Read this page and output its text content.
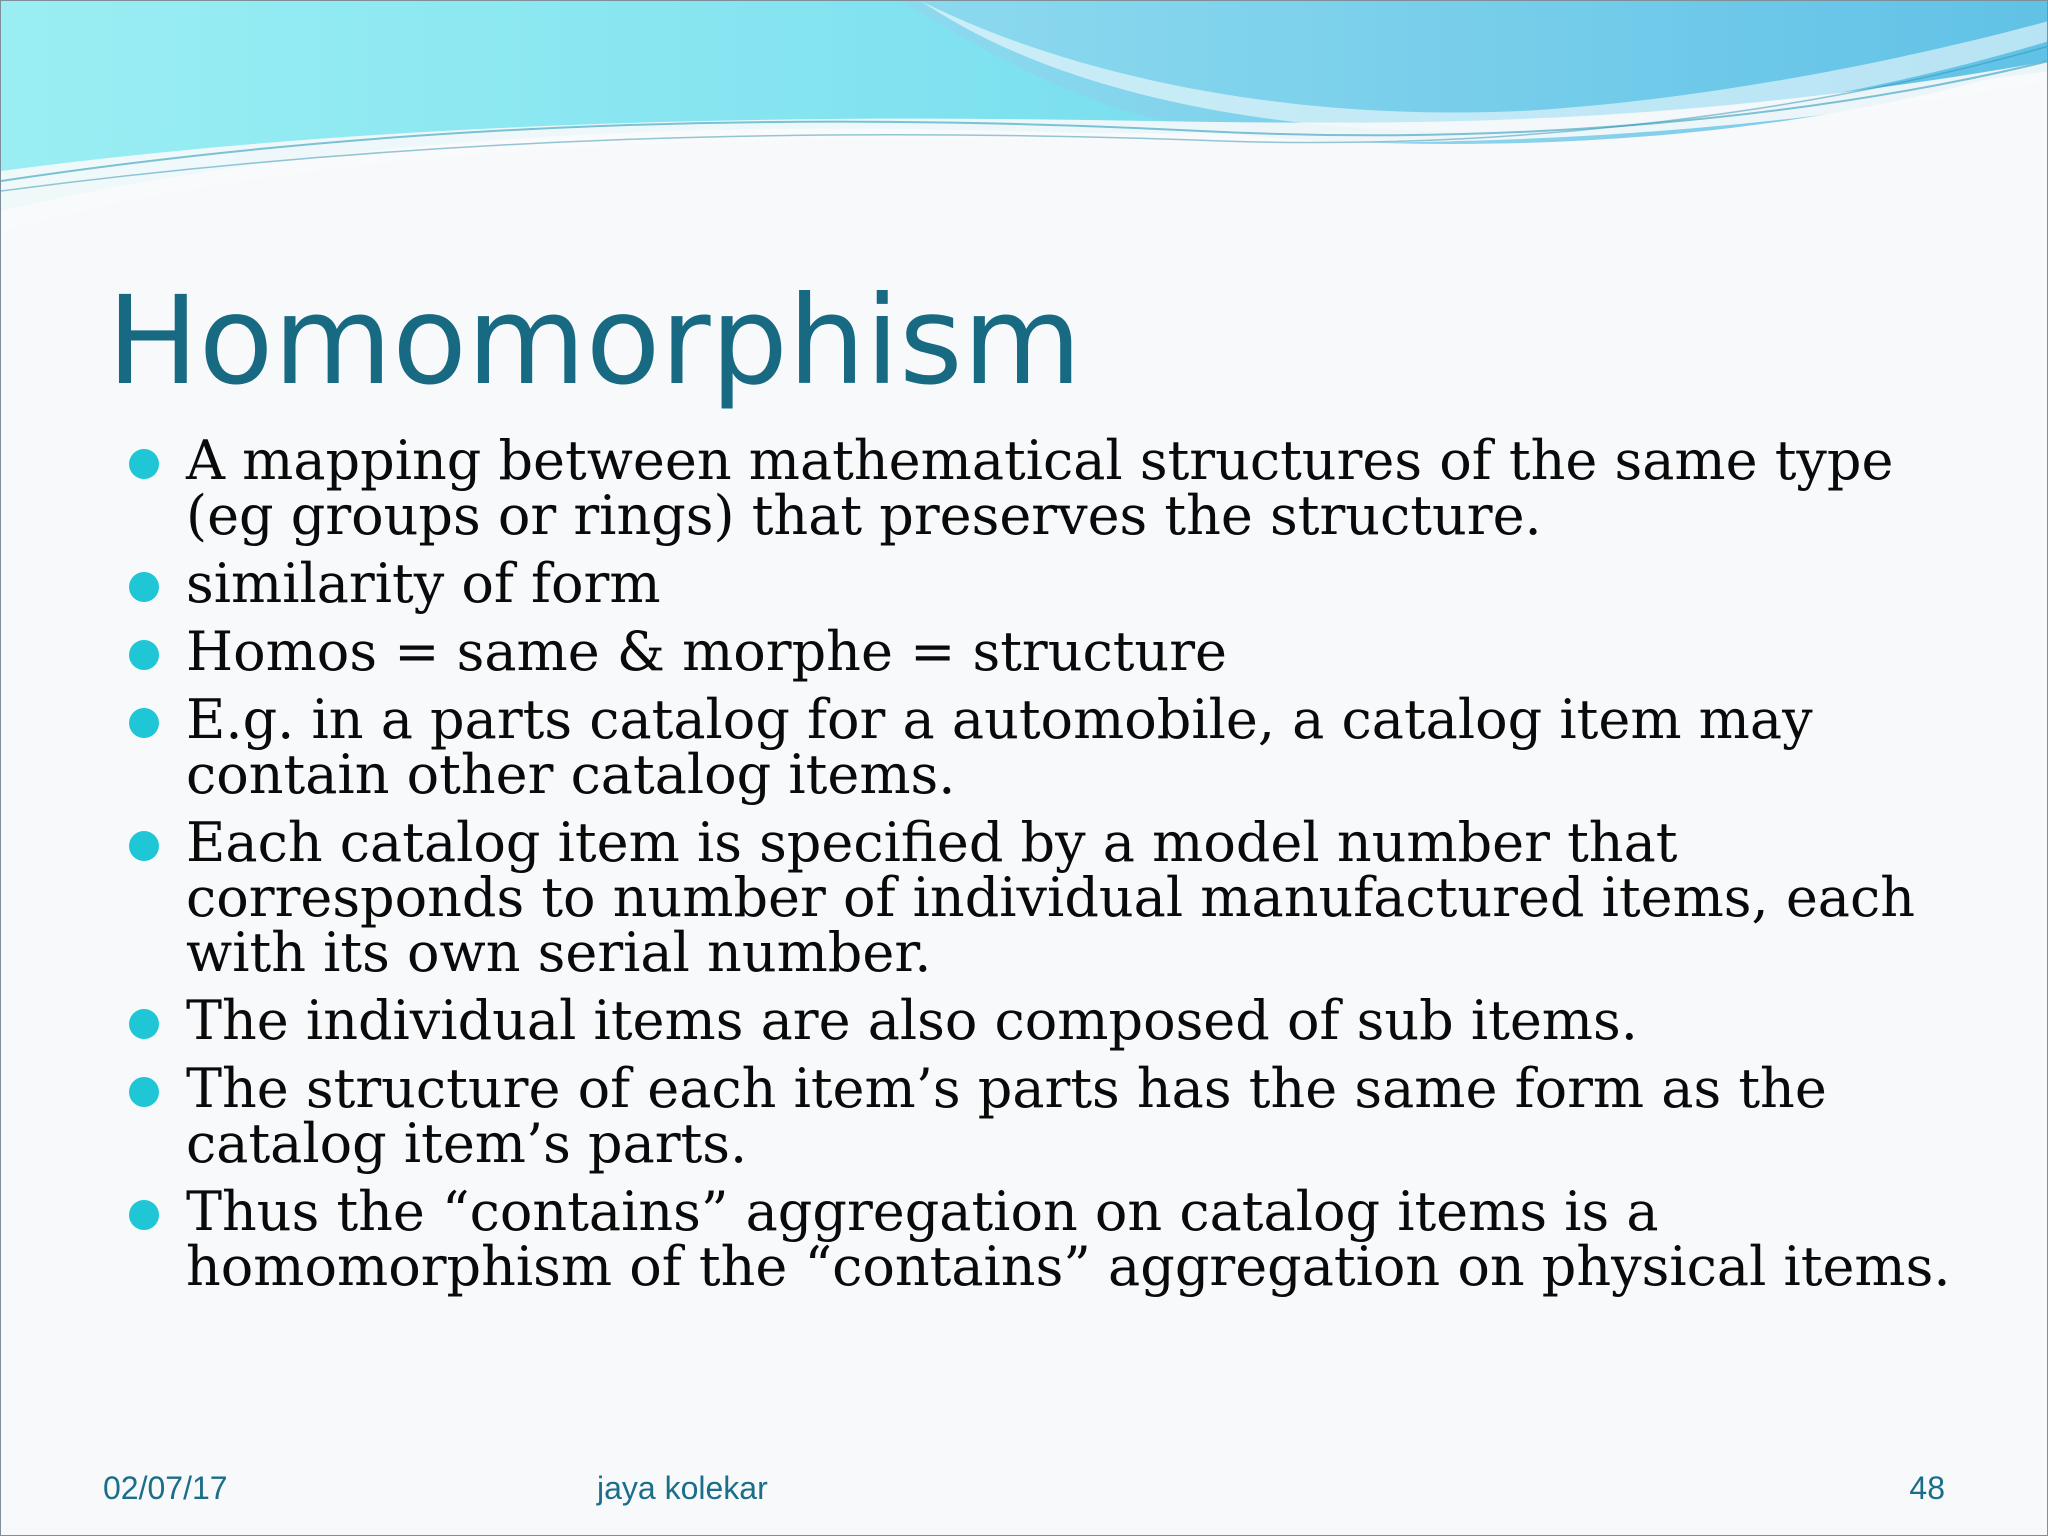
Homomorphism
A mapping between mathematical structures of the same type (eg groups or rings) that preserves the structure.
similarity of form
Homos = same & morphe = structure
E.g. in a parts catalog for a automobile, a catalog item may contain other catalog items.
Each catalog item is specified by a model number that corresponds to number of individual manufactured items, each with its own serial number.
The individual items are also composed of sub items.
The structure of each item’s parts has the same form as the catalog item’s parts.
Thus the “contains” aggregation on catalog items is a homomorphism of the “contains” aggregation on physical items.
02/07/17	jaya kolekar	48
